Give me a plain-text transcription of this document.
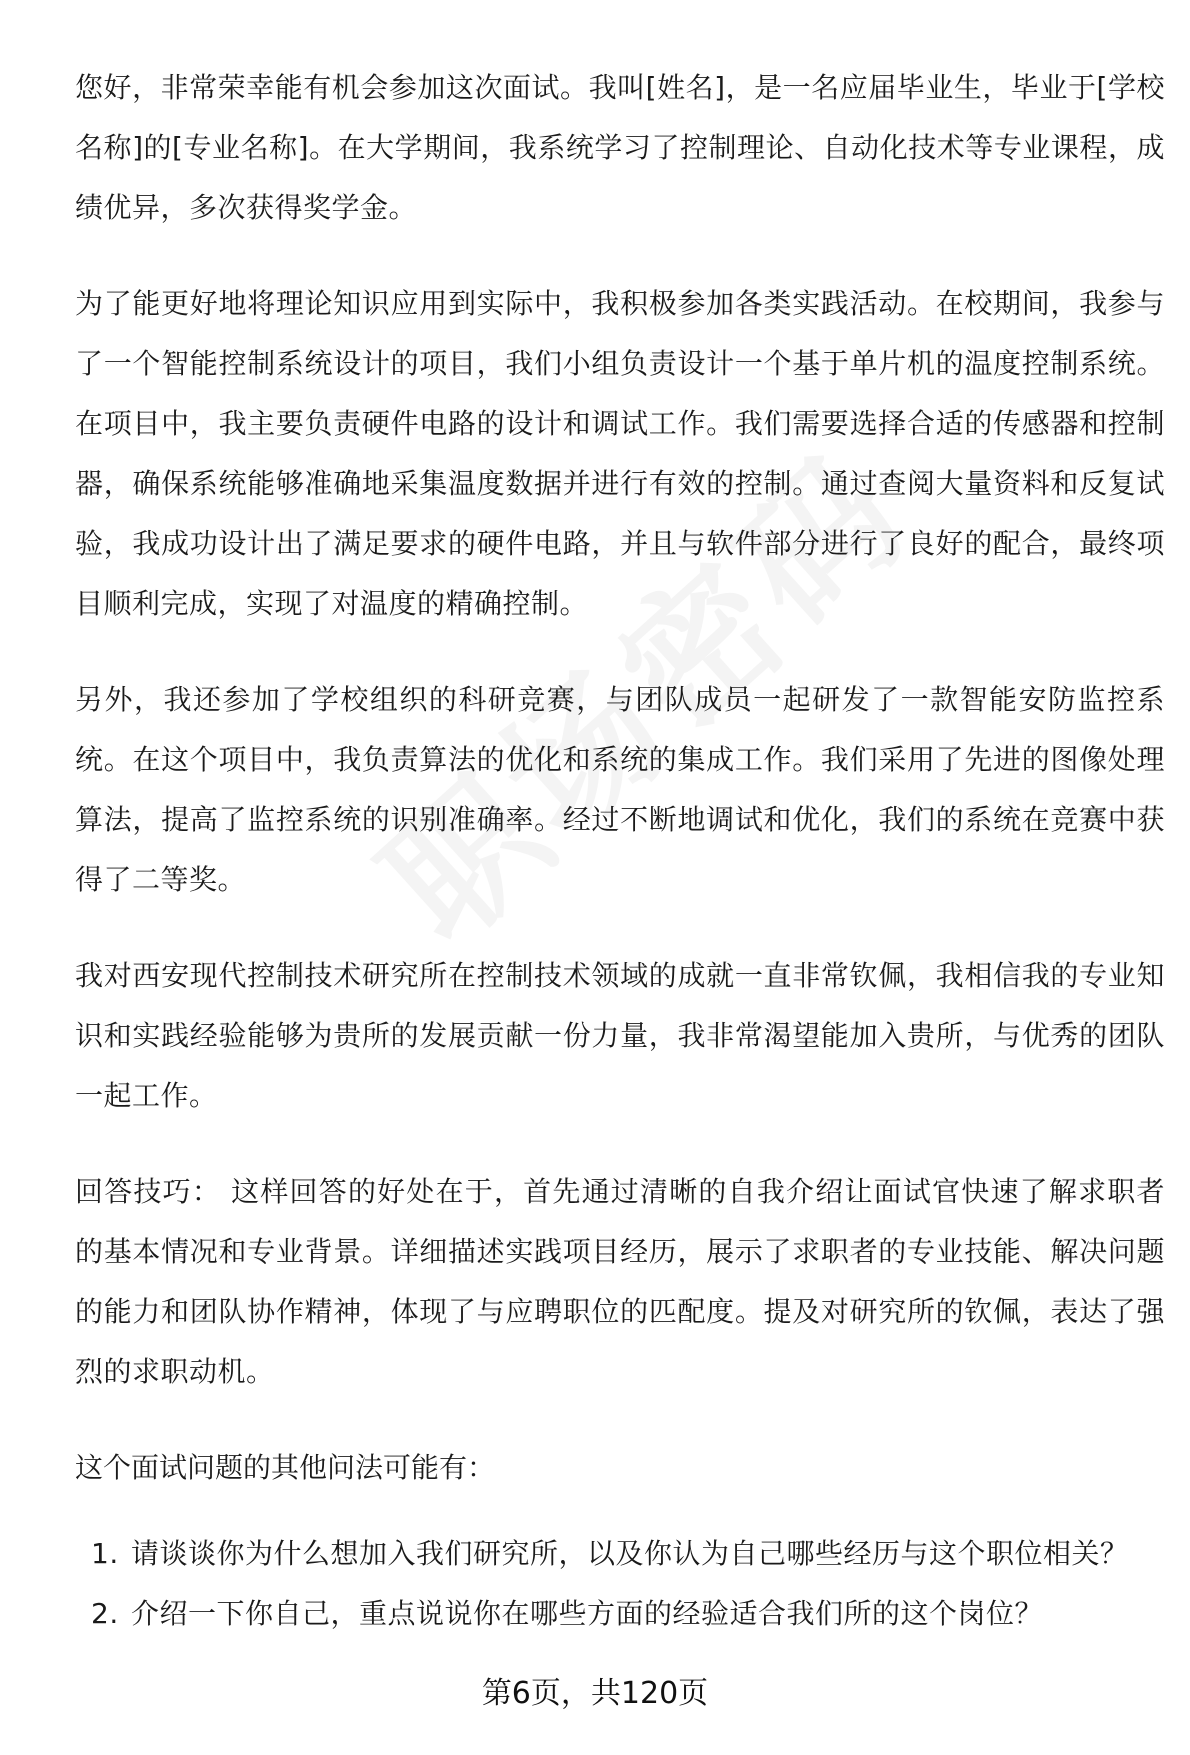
您好，非常荣幸能有机会参加这次面试。我叫[姓名]，是一名应届毕业生，毕业于[学校名称]的[专业名称]。在大学期间，我系统学习了控制理论、自动化技术等专业课程，成绩优异，多次获得奖学金。

为了能更好地将理论知识应用到实际中，我积极参加各类实践活动。在校期间，我参与了一个智能控制系统设计的项目，我们小组负责设计一个基于单片机的温度控制系统。在项目中，我主要负责硬件电路的设计和调试工作。我们需要选择合适的传感器和控制器，确保系统能够准确地采集温度数据并进行有效的控制。通过查阅大量资料和反复试验，我成功设计出了满足要求的硬件电路，并且与软件部分进行了良好的配合，最终项目顺利完成，实现了对温度的精确控制。

另外，我还参加了学校组织的科研竞赛，与团队成员一起研发了一款智能安防监控系统。在这个项目中，我负责算法的优化和系统的集成工作。我们采用了先进的图像处理算法，提高了监控系统的识别准确率。经过不断地调试和优化，我们的系统在竞赛中获得了二等奖。

我对西安现代控制技术研究所在控制技术领域的成就一直非常钦佩，我相信我的专业知识和实践经验能够为贵所的发展贡献一份力量，我非常渴望能加入贵所，与优秀的团队一起工作。

回答技巧： 这样回答的好处在于，首先通过清晰的自我介绍让面试官快速了解求职者的基本情况和专业背景。详细描述实践项目经历，展示了求职者的专业技能、解决问题的能力和团队协作精神，体现了与应聘职位的匹配度。提及对研究所的钦佩，表达了强烈的求职动机。

这个面试问题的其他问法可能有：

1. 请谈谈你为什么想加入我们研究所，以及你认为自己哪些经历与这个职位相关？
2. 介绍一下你自己，重点说说你在哪些方面的经验适合我们所的这个岗位？
第6页，共120页
